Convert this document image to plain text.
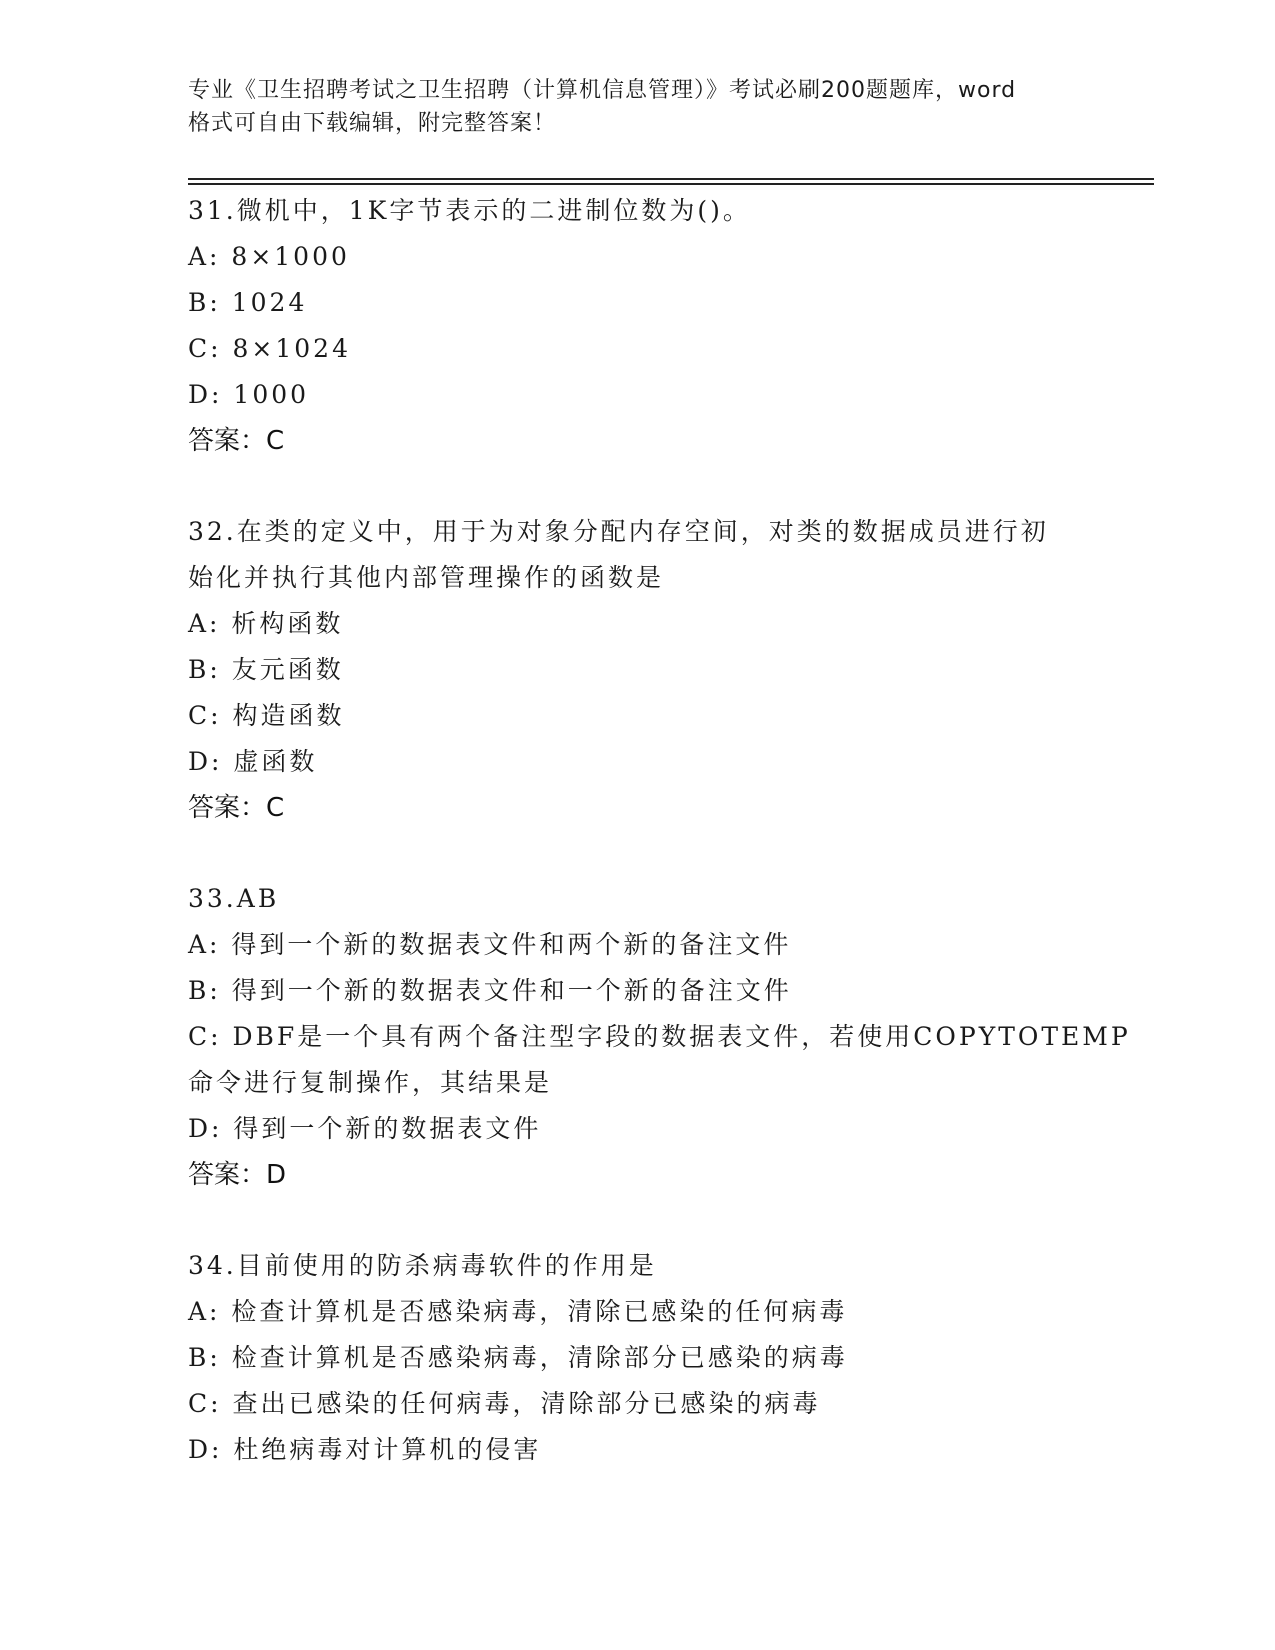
专业《卫生招聘考试之卫生招聘（计算机信息管理）》考试必刷200题题库，word
格式可自由下载编辑，附完整答案！
31.微机中，1K字节表示的二进制位数为()。
A: 8×1000
B: 1024
C: 8×1024
D: 1000
答案：C
32.在类的定义中，用于为对象分配内存空间，对类的数据成员进行初
始化并执行其他内部管理操作的函数是
A: 析构函数
B: 友元函数
C: 构造函数
D: 虚函数
答案：C
33.AB
A: 得到一个新的数据表文件和两个新的备注文件
B: 得到一个新的数据表文件和一个新的备注文件
C: DBF是一个具有两个备注型字段的数据表文件，若使用COPYTOTEMP
命令进行复制操作，其结果是
D: 得到一个新的数据表文件
答案：D
34.目前使用的防杀病毒软件的作用是
A: 检查计算机是否感染病毒，清除已感染的任何病毒
B: 检查计算机是否感染病毒，清除部分已感染的病毒
C: 查出已感染的任何病毒，清除部分已感染的病毒
D: 杜绝病毒对计算机的侵害
